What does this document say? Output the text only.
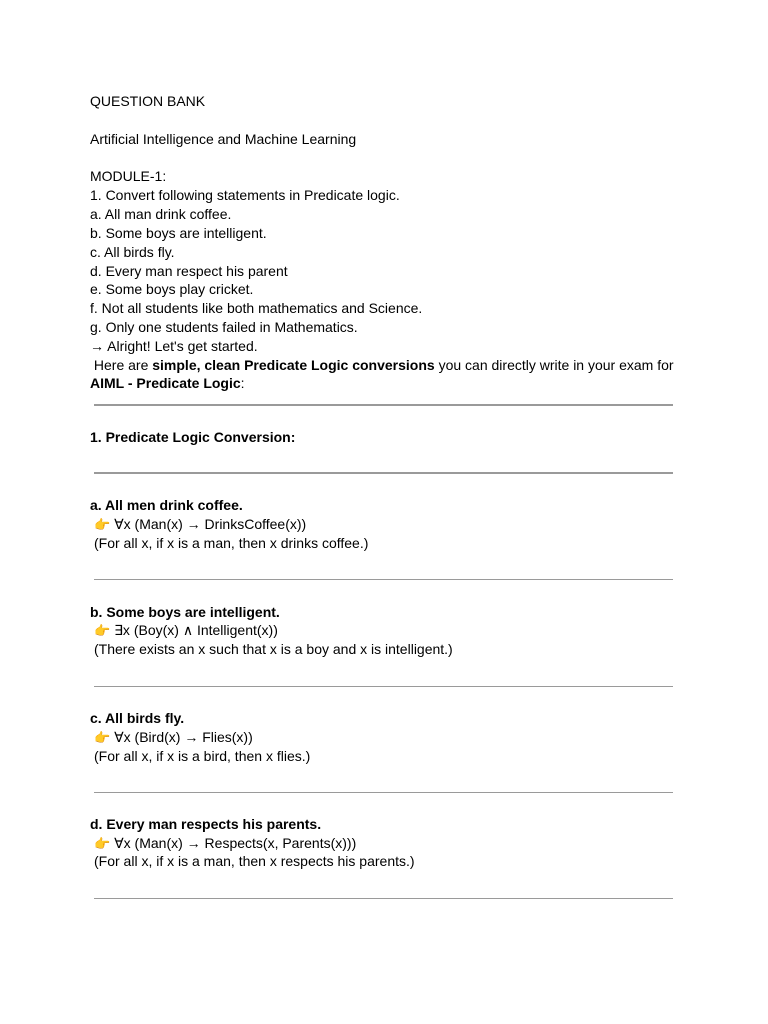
QUESTION BANK
Artificial Intelligence and Machine Learning
MODULE-1:
1. Convert following statements in Predicate logic.
a. All man drink coffee.
b. Some boys are intelligent.
c. All birds fly.
d. Every man respect his parent
e. Some boys play cricket.
f. Not all students like both mathematics and Science.
g. Only one students failed in Mathematics.
→ Alright! Let's get started.
Here are simple, clean Predicate Logic conversions you can directly write in your exam for
AIML - Predicate Logic:
1. Predicate Logic Conversion:
a. All men drink coffee.
👉 ∀x (Man(x) → DrinksCoffee(x))
(For all x, if x is a man, then x drinks coffee.)
b. Some boys are intelligent.
👉 ∃x (Boy(x) ∧ Intelligent(x))
(There exists an x such that x is a boy and x is intelligent.)
c. All birds fly.
👉 ∀x (Bird(x) → Flies(x))
(For all x, if x is a bird, then x flies.)
d. Every man respects his parents.
👉 ∀x (Man(x) → Respects(x, Parents(x)))
(For all x, if x is a man, then x respects his parents.)
